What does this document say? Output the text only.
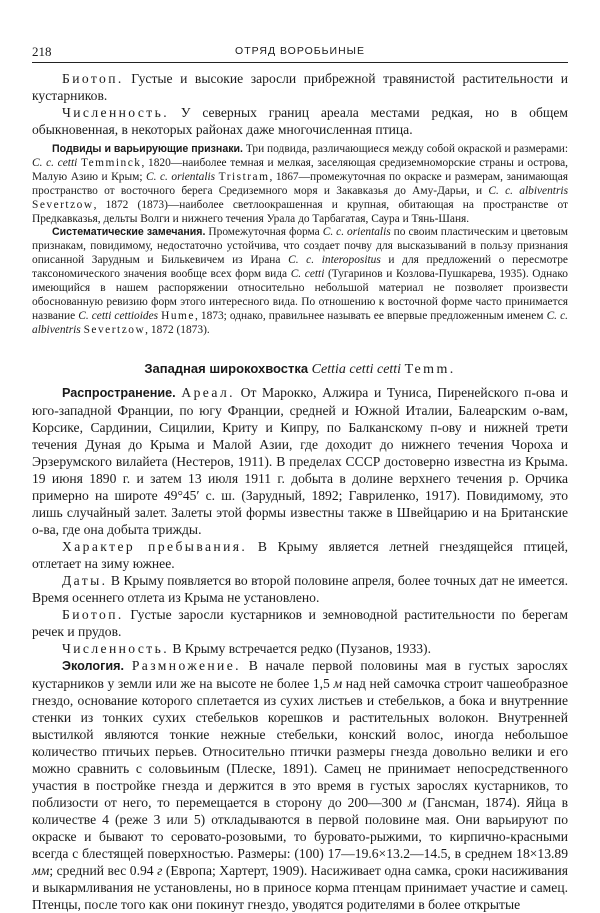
218	ОТРЯД ВОРОБЬИНЫЕ

Биотоп. Густые и высокие заросли прибрежной травянистой растительности и кустарников.

Численность. У северных границ ареала местами редкая, но в общем обыкновенная, в некоторых районах даже многочисленная птица.

Подвиды и варьирующие признаки. Три подвида, различающиеся между собой окраской и размерами: C. c. cetti Temminck, 1820—наиболее темная и мелкая, заселяющая средиземноморские страны и острова, Малую Азию и Крым; C. c. orientalis Tristram, 1867—промежуточная по окраске и размерам, занимающая пространство от восточного берега Средиземного моря и Закавказья до Аму-Дарьи, и C. c. albiventris Severtzow, 1872 (1873)—наиболее светлоокрашенная и крупная, обитающая на пространстве от Предкавказья, дельты Волги и нижнего течения Урала до Тарбагатая, Саура и Тянь-Шаня.

Систематические замечания. Промежуточная форма C. c. orientalis по своим пластическим и цветовым признакам, повидимому, недостаточно устойчива, что создает почву для высказываний в пользу признания описанной Зарудным и Билькевичем из Ирана C. c. interopositus и для предложений о пересмотре таксономического значения вообще всех форм вида C. cetti (Тугаринов и Козлова-Пушкарева, 1935). Однако имеющийся в нашем распоряжении относительно небольшой материал не позволяет произвести обоснованную ревизию форм этого интересного вида. По отношению к восточной форме часто принимается название C. cetti cettioides Hume, 1873; однако, правильнее называть ее впервые предложенным именем C. c. albiventris Severtzow, 1872 (1873).

Западная широкохвостка Cettia cetti cetti Temm.

Распространение. Ареал. От Марокко, Алжира и Туниса, Пиренейского п-ова и юго-западной Франции, по югу Франции, средней и Южной Италии, Балеарским о-вам, Корсике, Сардинии, Сицилии, Криту и Кипру, по Балканскому п-ову и нижней трети течения Дуная до Крыма и Малой Азии, где доходит до нижнего течения Чороха и Эрзерумского вилайета (Нестеров, 1911). В пределах СССР достоверно известна из Крыма. 19 июня 1890 г. и затем 13 июля 1911 г. добыта в долине верхнего течения р. Орчика примерно на широте 49°45′ с. ш. (Зарудный, 1892; Гавриленко, 1917). Повидимому, это лишь случайный залет. Залеты этой формы известны также в Швейцарию и на Британские о-ва, где она добыта трижды.

Характер пребывания. В Крыму является летней гнездящейся птицей, отлетает на зиму южнее.

Даты. В Крыму появляется во второй половине апреля, более точных дат не имеется. Время осеннего отлета из Крыма не установлено.

Биотоп. Густые заросли кустарников и земноводной растительности по берегам речек и прудов.

Численность. В Крыму встречается редко (Пузанов, 1933).

Экология. Размножение. В начале первой половины мая в густых зарослях кустарников у земли или же на высоте не более 1,5 м над ней самочка строит чашеобразное гнездо, основание которого сплетается из сухих листьев и стебельков, а бока и внутренние стенки из тонких сухих стебельков корешков и растительных волокон. Внутренней выстилкой являются тонкие нежные стебельки, конский волос, иногда небольшое количество птичьих перьев. Относительно птички размеры гнезда довольно велики и его можно сравнить с соловьиным (Плеске, 1891). Самец не принимает непосредственного участия в постройке гнезда и держится в это время в густых зарослях кустарников, то поблизости от него, то перемещается в сторону до 200—300 м (Гансман, 1874). Яйца в количестве 4 (реже 3 или 5) откладываются в первой половине мая. Они варьируют по окраске и бывают то серовато-розовыми, то буровато-рыжими, то кирпично-красными всегда с блестящей поверхностью. Размеры: (100) 17—19.6×13.2—14.5, в среднем 18×13.89 мм; средний вес 0.94 г (Европа; Хартерт, 1909). Насиживает одна самка, сроки насиживания и выкармливания не установлены, но в приносе корма птенцам принимает участие и самец. Птенцы, после того как они покинут гнездо, уводятся родителями в более открытые
